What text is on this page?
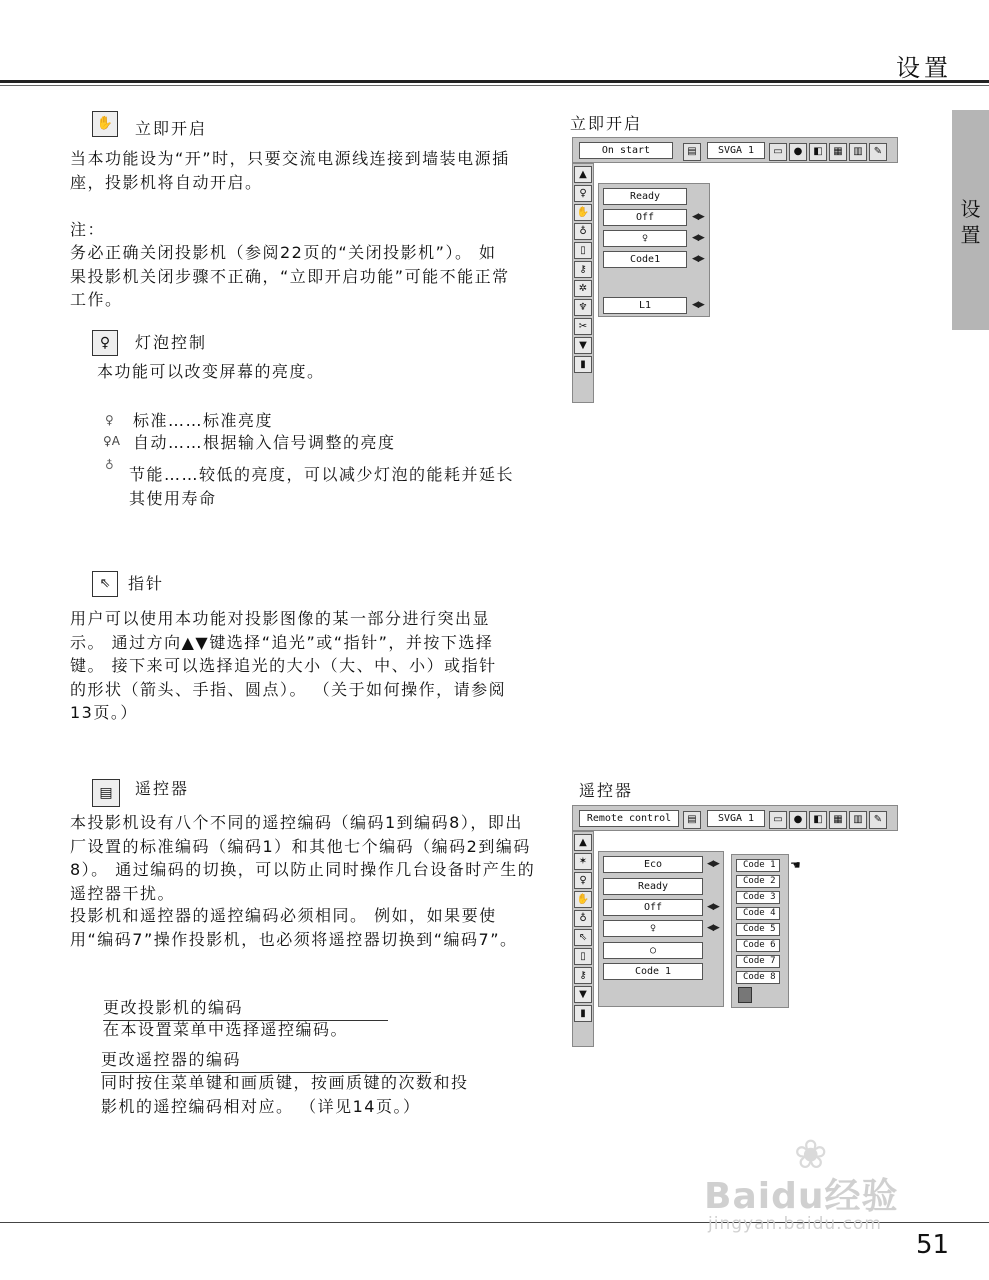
设置
设置
✋	立即开启
当本功能设为“开”时，只要交流电源线连接到墙装电源插座，投影机将自动开启。
注：
务必正确关闭投影机（参阅22页的“关闭投影机”）。 如果投影机关闭步骤不正确，“立即开启功能”可能不能正常工作。
立即开启
On start	▤	SVGA 1	▭ ● ◧ ▦ ▥ ✎
▲
♀
✋
♁
▯
⚷
✲
♆
✂
▼
▮
Ready
Off	◀▶
♀	◀▶
Code1	◀▶
L1	◀▶
♀	灯泡控制
本功能可以改变屏幕的亮度。
♀ 标准……标准亮度
♀A 自动……根据输入信号调整的亮度
♁ 节能……较低的亮度，可以减少灯泡的能耗并延长其使用寿命
⇖	指针
用户可以使用本功能对投影图像的某一部分进行突出显示。 通过方向▲▼键选择“追光”或“指针”，并按下选择键。 接下来可以选择追光的大小（大、中、小）或指针的形状（箭头、手指、圆点）。 （关于如何操作，请参阅13页。）
▤	遥控器
本投影机设有八个不同的遥控编码（编码1到编码8），即出厂设置的标准编码（编码1）和其他七个编码（编码2到编码8）。 通过编码的切换，可以防止同时操作几台设备时产生的遥控器干扰。
投影机和遥控器的遥控编码必须相同。 例如，如果要使用“编码7”操作投影机，也必须将遥控器切换到“编码7”。
更改投影机的编码
在本设置菜单中选择遥控编码。
更改遥控器的编码
同时按住菜单键和画质键，按画质键的次数和投影机的遥控编码相对应。 （详见14页。）
遥控器
Remote control	▤	SVGA 1	▭ ● ◧ ▦ ▥ ✎
▲
✶
♀
✋
♁
⇖
▯
⚷
▼
▮
Eco	◀▶
Ready
Off	◀▶
♀	◀▶
○
Code 1
Code 1
Code 2
Code 3
Code 4
Code 5
Code 6
Code 7
Code 8
☚
❀
Baidu经验
jingyan.baidu.com
51
